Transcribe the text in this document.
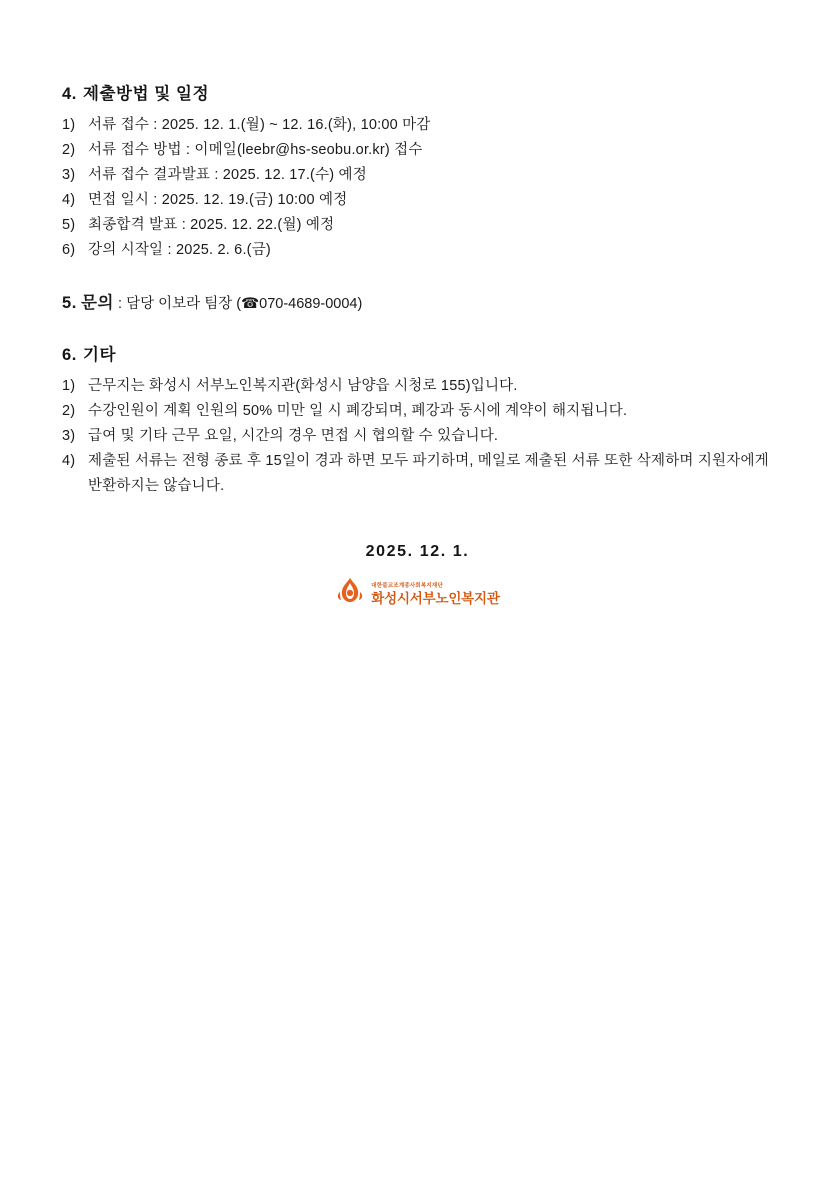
4. 제출방법 및 일정
1) 서류 접수 : 2025. 12. 1.(월) ~ 12. 16.(화), 10:00 마감
2) 서류 접수 방법 : 이메일(leebr@hs-seobu.or.kr) 접수
3) 서류 접수 결과발표 : 2025. 12. 17.(수) 예정
4) 면접 일시 : 2025. 12. 19.(금) 10:00 예정
5) 최종합격 발표 : 2025. 12. 22.(월) 예정
6) 강의 시작일 : 2025. 2. 6.(금)
5. 문의 : 담당 이보라 팀장 (☎070-4689-0004)
6. 기타
1) 근무지는 화성시 서부노인복지관(화성시 남양읍 시청로 155)입니다.
2) 수강인원이 계획 인원의 50% 미만 일 시 폐강되며, 폐강과 동시에 계약이 해지됩니다.
3) 급여 및 기타 근무 요일, 시간의 경우 면접 시 협의할 수 있습니다.
4) 제출된 서류는 전형 종료 후 15일이 경과 하면 모두 파기하며, 메일로 제출된 서류 또한 삭제하며 지원자에게 반환하지는 않습니다.
2025. 12. 1.
대한불교조계종사회복지재단
화성시서부노인복지관
